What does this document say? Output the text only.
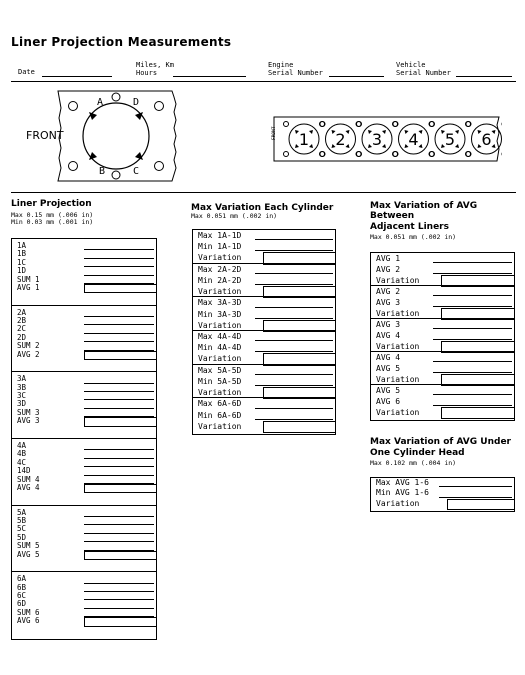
Liner Projection Measurements
Date
Miles, Km
Hours
Engine
Serial Number
Vehicle
Serial Number
FRONT
A	D
B	C
FRONT 1 2 3 4 5 6
Liner Projection
Max 0.15 mm (.006 in)
Min 0.03 mm (.001 in)
1A
1B
1C
1D
SUM 1
AVG 1
2A
2B
2C
2D
SUM 2
AVG 2
3A
3B
3C
3D
SUM 3
AVG 3
4A
4B
4C
14D
SUM 4
AVG 4
5A
5B
5C
5D
SUM 5
AVG 5
6A
6B
6C
6D
SUM 6
AVG 6
Max Variation Each Cylinder
Max 0.051 mm (.002 in)
Max 1A-1D
Min 1A-1D
Variation
Max 2A-2D
Min 2A-2D
Variation
Max 3A-3D
Min 3A-3D
Variation
Max 4A-4D
Min 4A-4D
Variation
Max 5A-5D
Min 5A-5D
Variation
Max 6A-6D
Min 6A-6D
Variation
Max Variation of AVG
Between
Adjacent Liners
Max 0.051 mm (.002 in)
AVG 1
AVG 2
Variation
AVG 2
AVG 3
Variation
AVG 3
AVG 4
Variation
AVG 4
AVG 5
Variation
AVG 5
AVG 6
Variation
Max Variation of AVG Under
One Cylinder Head
Max 0.102 mm (.004 in)
Max AVG 1-6
Min AVG 1-6
Variation
